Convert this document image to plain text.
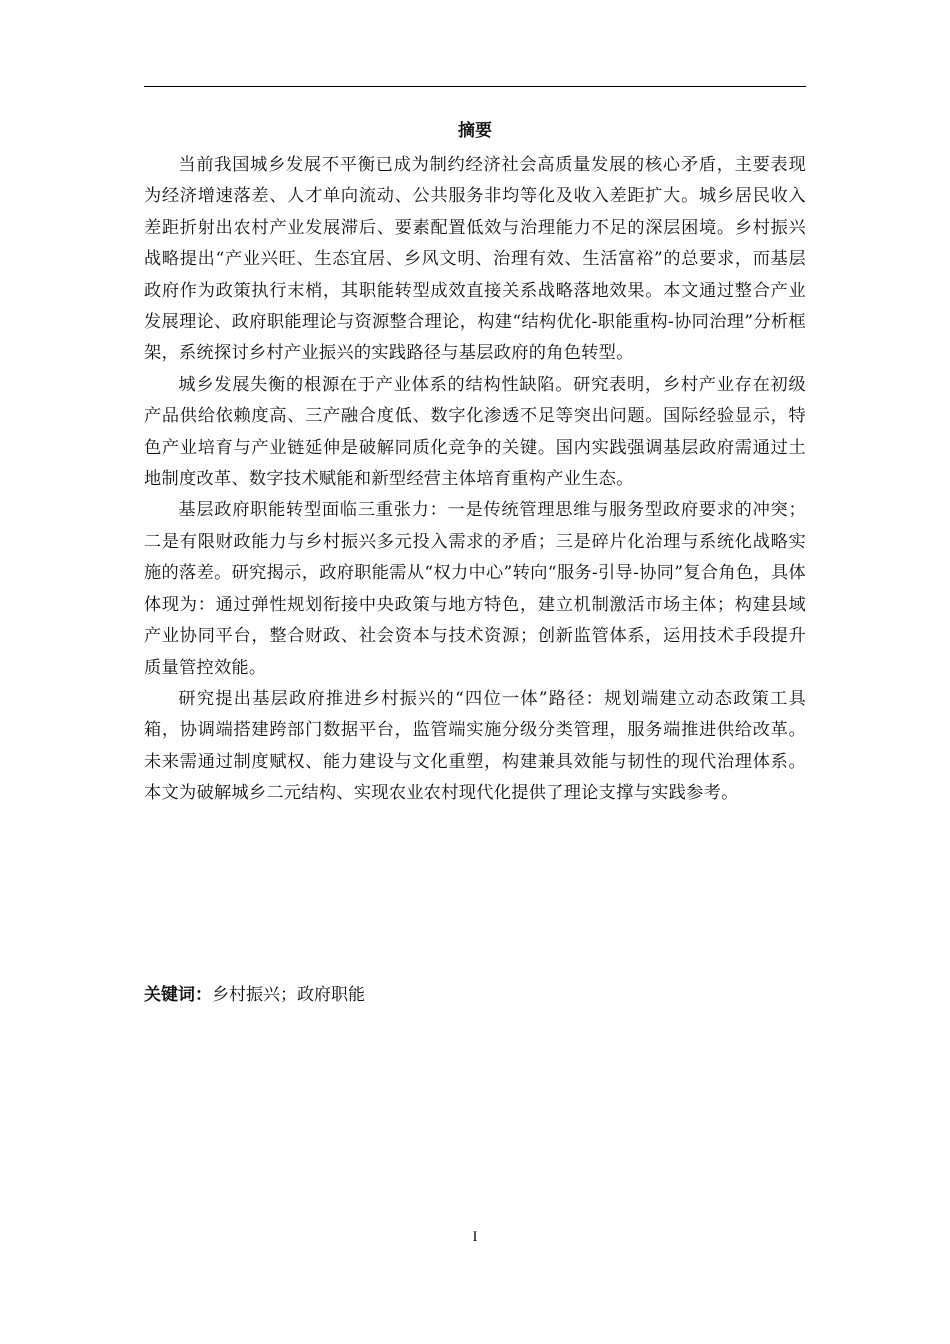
摘要

当前我国城乡发展不平衡已成为制约经济社会高质量发展的核心矛盾，主要表现为经济增速落差、人才单向流动、公共服务非均等化及收入差距扩大。城乡居民收入差距折射出农村产业发展滞后、要素配置低效与治理能力不足的深层困境。乡村振兴战略提出“产业兴旺、生态宜居、乡风文明、治理有效、生活富裕”的总要求，而基层政府作为政策执行末梢，其职能转型成效直接关系战略落地效果。本文通过整合产业发展理论、政府职能理论与资源整合理论，构建“结构优化-职能重构-协同治理”分析框架，系统探讨乡村产业振兴的实践路径与基层政府的角色转型。

城乡发展失衡的根源在于产业体系的结构性缺陷。研究表明，乡村产业存在初级产品供给依赖度高、三产融合度低、数字化渗透不足等突出问题。国际经验显示，特色产业培育与产业链延伸是破解同质化竞争的关键。国内实践强调基层政府需通过土地制度改革、数字技术赋能和新型经营主体培育重构产业生态。

基层政府职能转型面临三重张力：一是传统管理思维与服务型政府要求的冲突；二是有限财政能力与乡村振兴多元投入需求的矛盾；三是碎片化治理与系统化战略实施的落差。研究揭示，政府职能需从“权力中心”转向“服务-引导-协同”复合角色，具体体现为：通过弹性规划衔接中央政策与地方特色，建立机制激活市场主体；构建县域产业协同平台，整合财政、社会资本与技术资源；创新监管体系，运用技术手段提升质量管控效能。

研究提出基层政府推进乡村振兴的“四位一体”路径：规划端建立动态政策工具箱，协调端搭建跨部门数据平台，监管端实施分级分类管理，服务端推进供给改革。未来需通过制度赋权、能力建设与文化重塑，构建兼具效能与韧性的现代治理体系。本文为破解城乡二元结构、实现农业农村现代化提供了理论支撑与实践参考。

关键词：乡村振兴；政府职能
I
